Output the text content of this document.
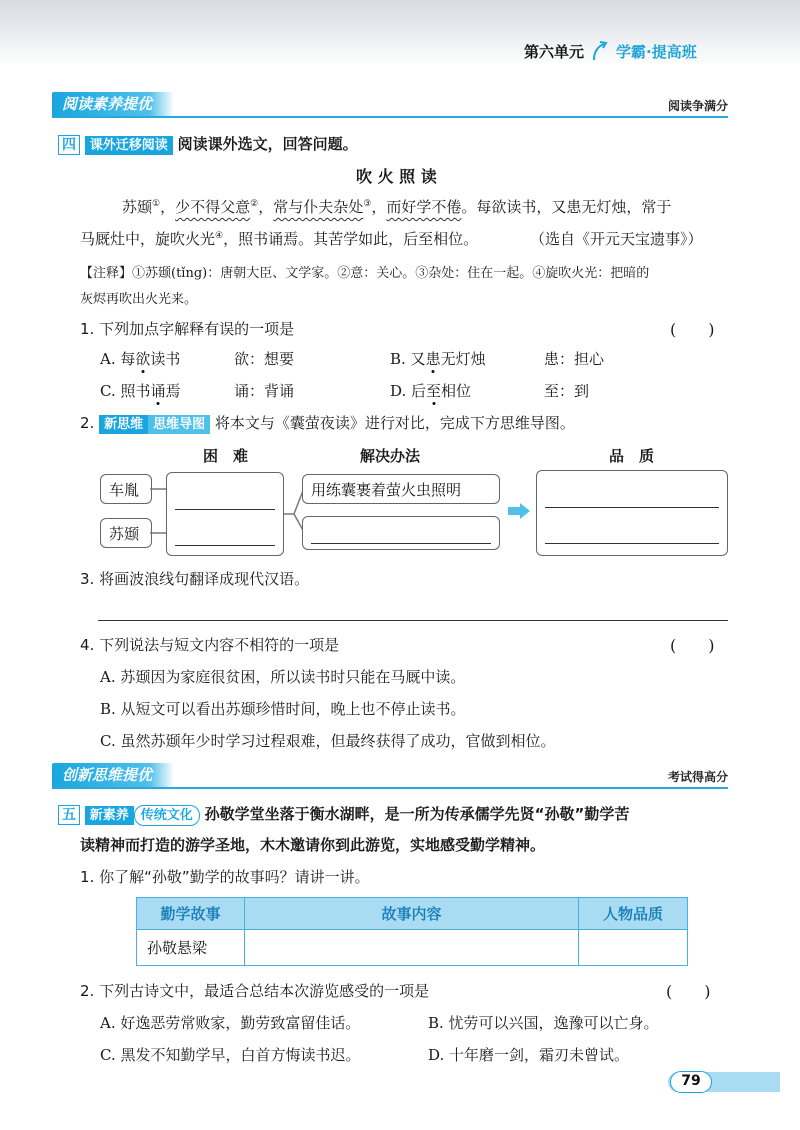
第六单元 学霸·提高班
阅读素养提优	阅读争满分
四 课外迁移阅读 阅读课外选文，回答问题。
吹 火 照 读
苏颋①，少不得父意②，常与仆夫杂处③，而好学不倦。每欲读书，又患无灯烛，常于
马厩灶中，旋吹火光④，照书诵焉。其苦学如此，后至相位。	（选自《开元天宝遗事》）
【注释】①苏颋(tǐng)：唐朝大臣、文学家。②意：关心。③杂处：住在一起。④旋吹火光：把暗的
灰烬再吹出火光来。
1. 下列加点字解释有误的一项是	(　　)
A. 每欲读书	欲：想要	B. 又患无灯烛	患：担心
C. 照书诵焉	诵：背诵	D. 后至相位	至：到
2. 新思维 思维导图 将本文与《囊萤夜读》进行对比，完成下方思维导图。
困　难	解决办法	品　质
车胤
苏颋
用练囊裹着萤火虫照明
3. 将画波浪线句翻译成现代汉语。
4. 下列说法与短文内容不相符的一项是	(　　)
A. 苏颋因为家庭很贫困，所以读书时只能在马厩中读。
B. 从短文可以看出苏颋珍惜时间，晚上也不停止读书。
C. 虽然苏颋年少时学习过程艰难，但最终获得了成功，官做到相位。
创新思维提优	考试得高分
五 新素养 传统文化 孙敬学堂坐落于衡水湖畔，是一所为传承儒学先贤“孙敬”勤学苦
读精神而打造的游学圣地，木木邀请你到此游览，实地感受勤学精神。
1. 你了解“孙敬”勤学的故事吗？请讲一讲。
勤学故事	故事内容	人物品质
孙敬悬梁		
2. 下列古诗文中，最适合总结本次游览感受的一项是	(　　)
A. 好逸恶劳常败家，勤劳致富留佳话。	B. 忧劳可以兴国，逸豫可以亡身。
C. 黑发不知勤学早，白首方悔读书迟。	D. 十年磨一剑，霜刃未曾试。
79
